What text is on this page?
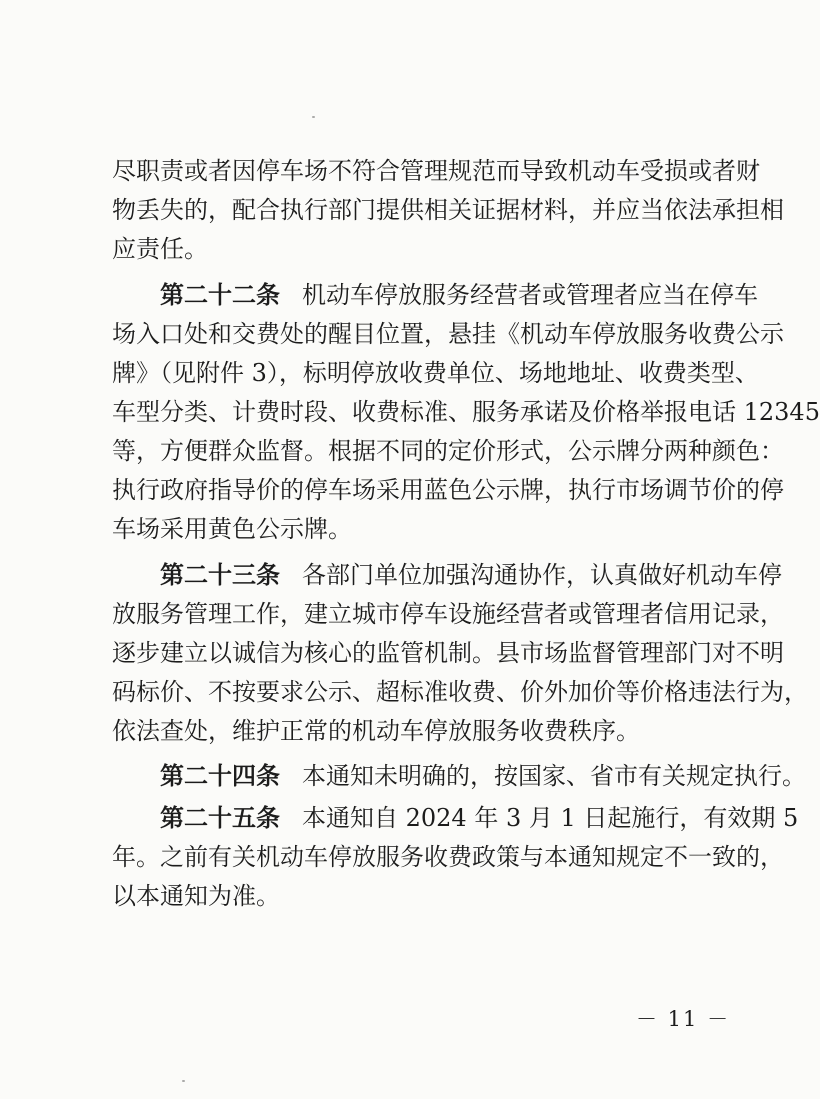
尽职责或者因停车场不符合管理规范而导致机动车受损或者财
物丢失的，配合执行部门提供相关证据材料，并应当依法承担相
应责任。
第二十二条 机动车停放服务经营者或管理者应当在停车
场入口处和交费处的醒目位置，悬挂《机动车停放服务收费公示
牌》（见附件 3），标明停放收费单位、场地地址、收费类型、
车型分类、计费时段、收费标准、服务承诺及价格举报电话 12345
等，方便群众监督。根据不同的定价形式，公示牌分两种颜色：
执行政府指导价的停车场采用蓝色公示牌，执行市场调节价的停
车场采用黄色公示牌。
第二十三条 各部门单位加强沟通协作，认真做好机动车停
放服务管理工作，建立城市停车设施经营者或管理者信用记录，
逐步建立以诚信为核心的监管机制。县市场监督管理部门对不明
码标价、不按要求公示、超标准收费、价外加价等价格违法行为，
依法查处，维护正常的机动车停放服务收费秩序。
第二十四条 本通知未明确的，按国家、省市有关规定执行。
第二十五条 本通知自 2024 年 3 月 1 日起施行，有效期 5
年。之前有关机动车停放服务收费政策与本通知规定不一致的，
以本通知为准。
－ 11 －
